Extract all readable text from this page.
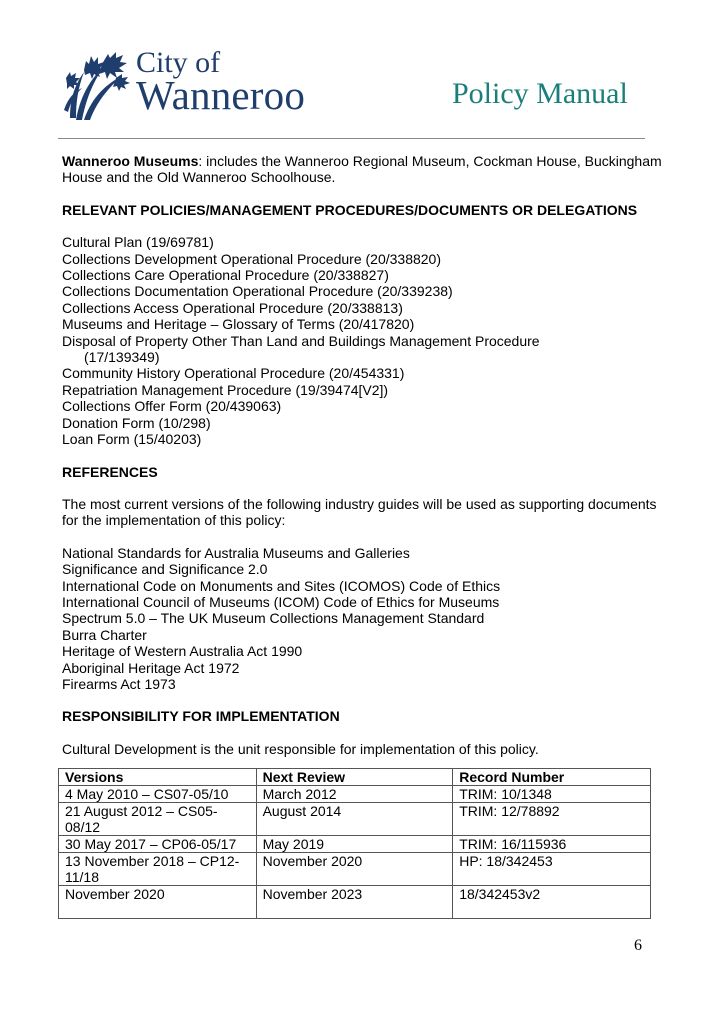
City of
Wanneroo	Policy Manual

Wanneroo Museums: includes the Wanneroo Regional Museum, Cockman House, Buckingham House and the Old Wanneroo Schoolhouse.

RELEVANT POLICIES/MANAGEMENT PROCEDURES/DOCUMENTS OR DELEGATIONS

Cultural Plan (19/69781)
Collections Development Operational Procedure (20/338820)
Collections Care Operational Procedure (20/338827)
Collections Documentation Operational Procedure (20/339238)
Collections Access Operational Procedure (20/338813)
Museums and Heritage – Glossary of Terms (20/417820)
Disposal of Property Other Than Land and Buildings Management Procedure
(17/139349)
Community History Operational Procedure (20/454331)
Repatriation Management Procedure (19/39474[V2])
Collections Offer Form (20/439063)
Donation Form (10/298)
Loan Form (15/40203)

REFERENCES

The most current versions of the following industry guides will be used as supporting documents for the implementation of this policy:

National Standards for Australia Museums and Galleries
Significance and Significance 2.0
International Code on Monuments and Sites (ICOMOS) Code of Ethics
International Council of Museums (ICOM) Code of Ethics for Museums
Spectrum 5.0 – The UK Museum Collections Management Standard
Burra Charter
Heritage of Western Australia Act 1990
Aboriginal Heritage Act 1972
Firearms Act 1973

RESPONSIBILITY FOR IMPLEMENTATION

Cultural Development is the unit responsible for implementation of this policy.

Versions	Next Review	Record Number
4 May 2010 – CS07-05/10	March 2012	TRIM: 10/1348
21 August 2012 – CS05-08/12	August 2014	TRIM: 12/78892
30 May 2017 – CP06-05/17	May 2019	TRIM: 16/115936
13 November 2018 – CP12-11/18	November 2020	HP: 18/342453
November 2020	November 2023	18/342453v2
6
